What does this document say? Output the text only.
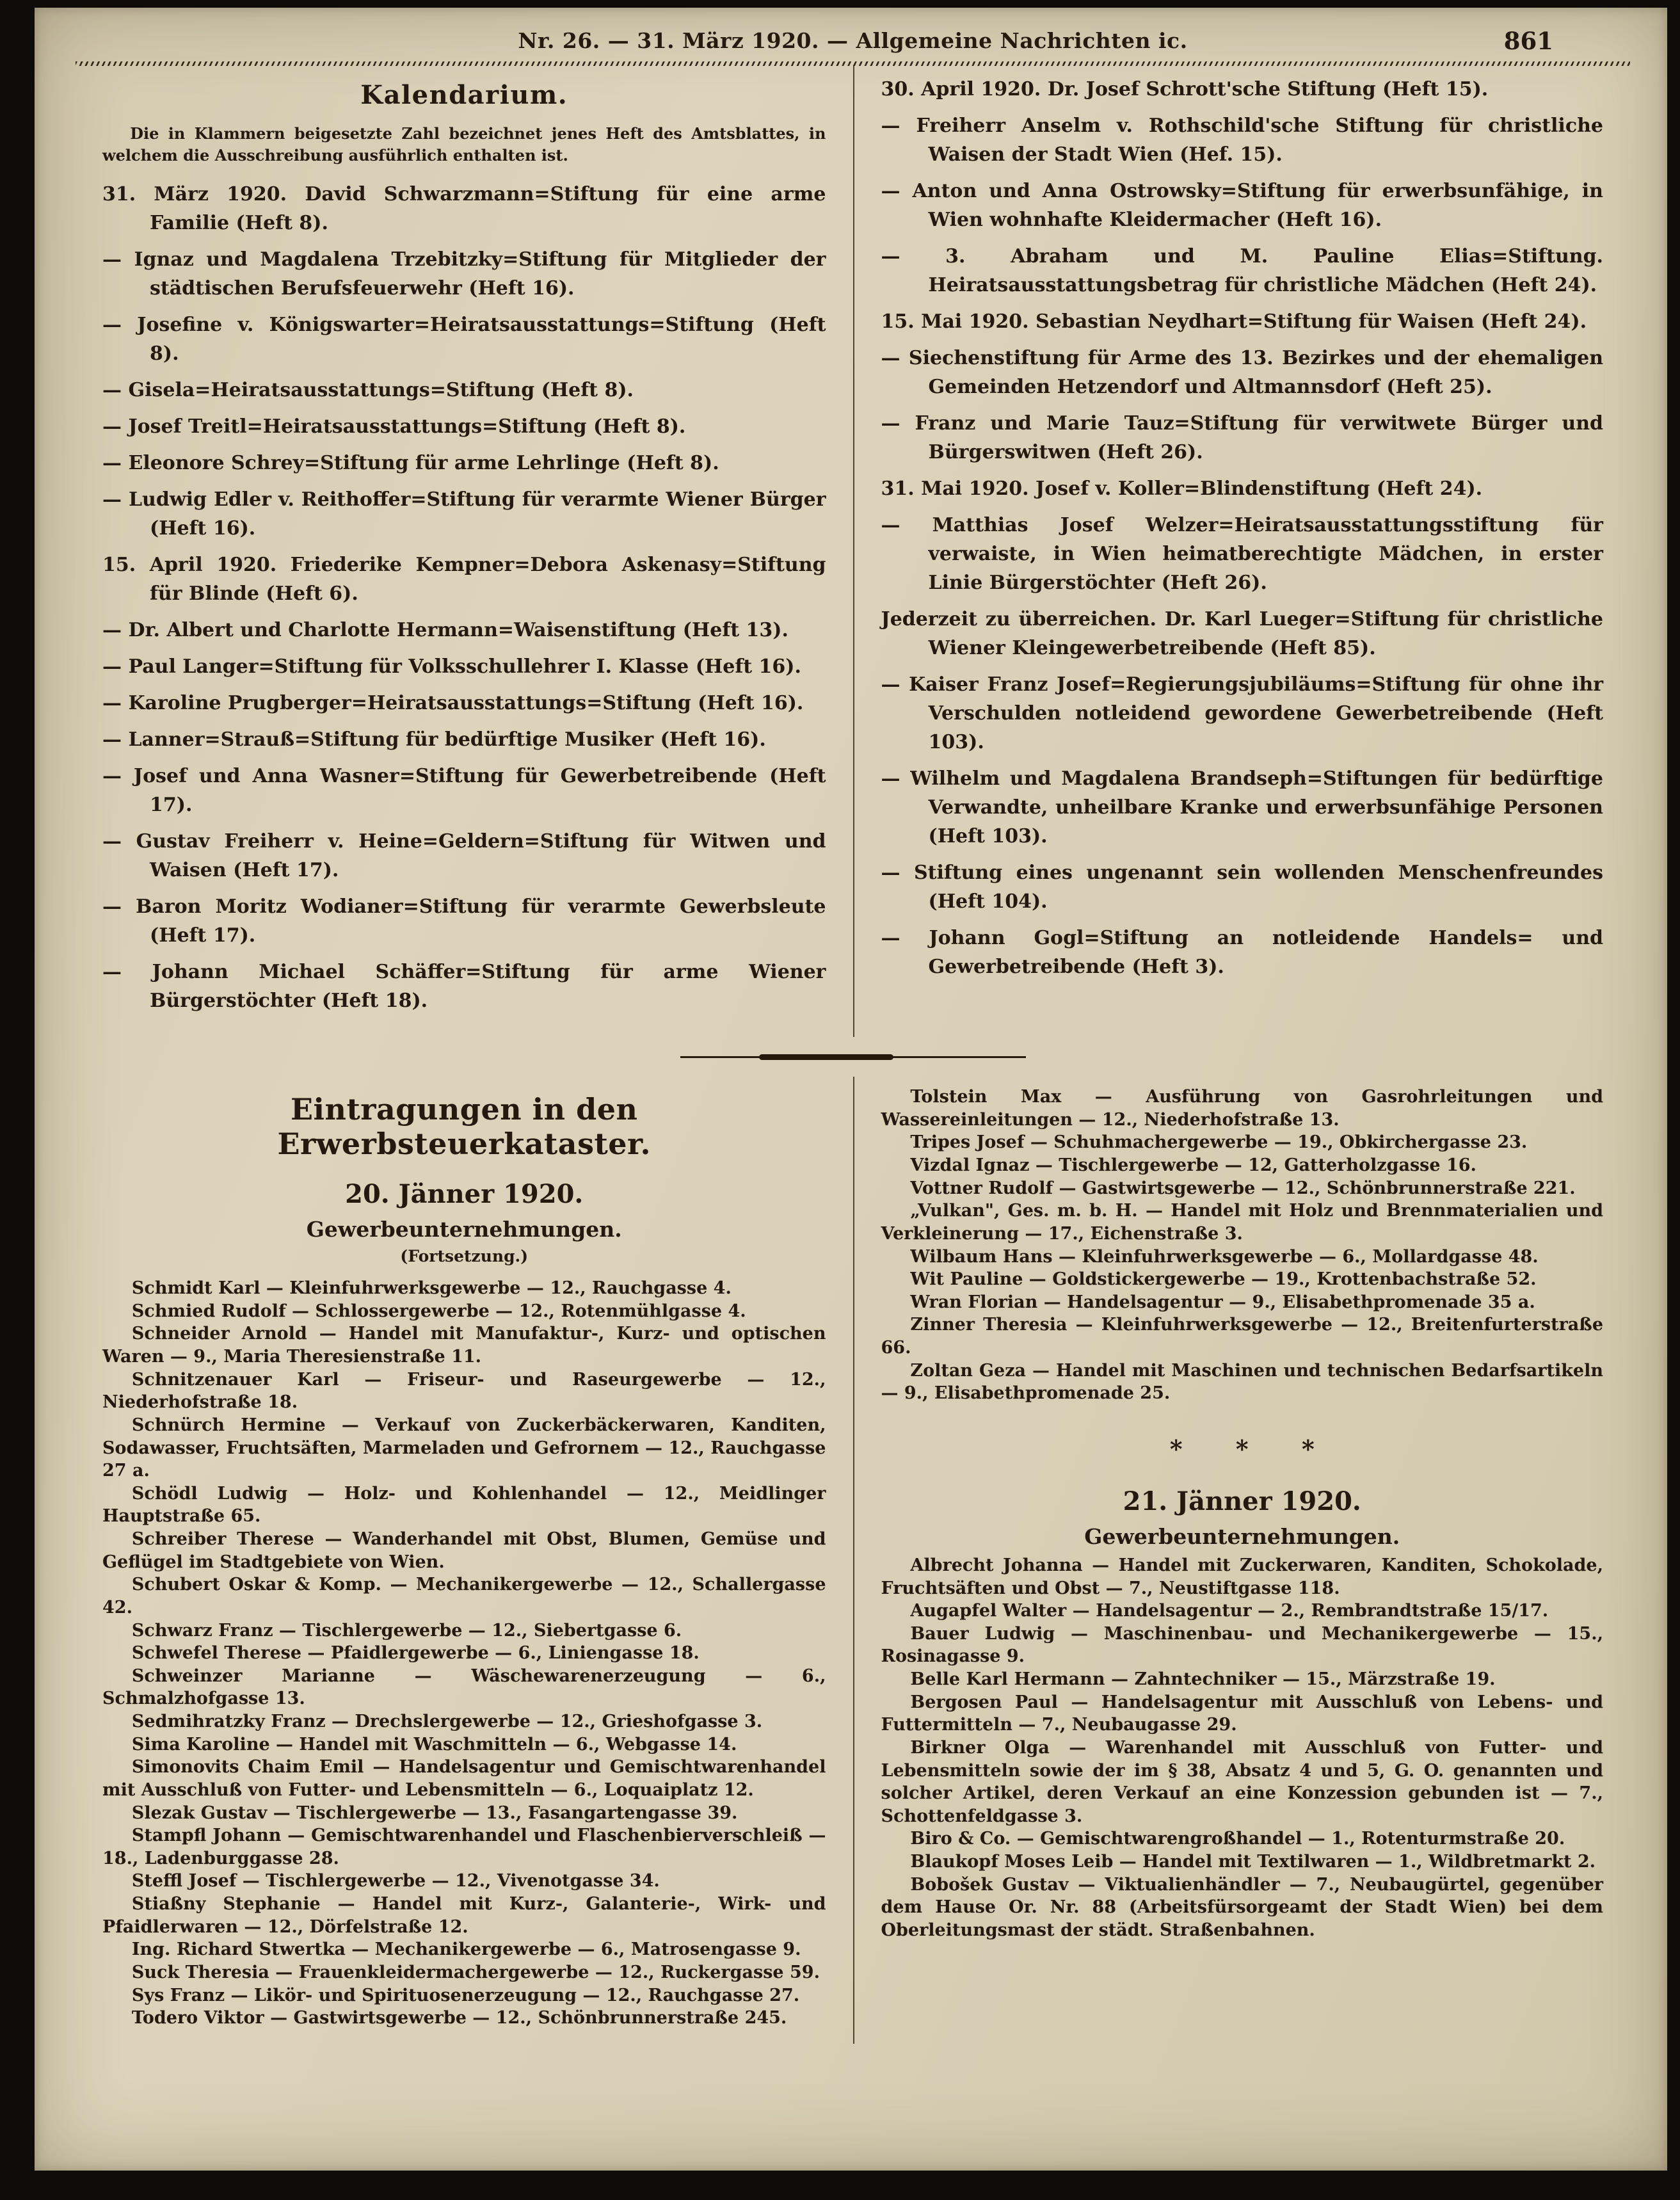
Nr. 26. — 31. März 1920. — Allgemeine Nachrichten ic.	861
Kalendarium.

Die in Klammern beigesetzte Zahl bezeichnet jenes Heft des Amtsblattes, in welchem die Ausschreibung ausführlich enthalten ist.

31. März 1920. David Schwarzmann=Stiftung für eine arme Familie (Heft 8).

— Ignaz und Magdalena Trzebitzky=Stiftung für Mitglieder der städtischen Berufsfeuerwehr (Heft 16).

— Josefine v. Königswarter=Heiratsausstattungs=Stiftung (Heft 8).

— Gisela=Heiratsausstattungs=Stiftung (Heft 8).

— Josef Treitl=Heiratsausstattungs=Stiftung (Heft 8).

— Eleonore Schrey=Stiftung für arme Lehrlinge (Heft 8).

— Ludwig Edler v. Reithoffer=Stiftung für verarmte Wiener Bürger (Heft 16).

15. April 1920. Friederike Kempner=Debora Askenasy=Stiftung für Blinde (Heft 6).

— Dr. Albert und Charlotte Hermann=Waisenstiftung (Heft 13).

— Paul Langer=Stiftung für Volksschullehrer I. Klasse (Heft 16).

— Karoline Prugberger=Heiratsausstattungs=Stiftung (Heft 16).

— Lanner=Strauß=Stiftung für bedürftige Musiker (Heft 16).

— Josef und Anna Wasner=Stiftung für Gewerbetreibende (Heft 17).

— Gustav Freiherr v. Heine=Geldern=Stiftung für Witwen und Waisen (Heft 17).

— Baron Moritz Wodianer=Stiftung für verarmte Gewerbsleute (Heft 17).

— Johann Michael Schäffer=Stiftung für arme Wiener Bürgerstöchter (Heft 18).

30. April 1920. Dr. Josef Schrott'sche Stiftung (Heft 15).

— Freiherr Anselm v. Rothschild'sche Stiftung für christliche Waisen der Stadt Wien (Hef. 15).

— Anton und Anna Ostrowsky=Stiftung für erwerbsunfähige, in Wien wohnhafte Kleidermacher (Heft 16).

— 3. Abraham und M. Pauline Elias=Stiftung. Heiratsausstattungsbetrag für christliche Mädchen (Heft 24).

15. Mai 1920. Sebastian Neydhart=Stiftung für Waisen (Heft 24).

— Siechenstiftung für Arme des 13. Bezirkes und der ehemaligen Gemeinden Hetzendorf und Altmannsdorf (Heft 25).

— Franz und Marie Tauz=Stiftung für verwitwete Bürger und Bürgerswitwen (Heft 26).

31. Mai 1920. Josef v. Koller=Blindenstiftung (Heft 24).

— Matthias Josef Welzer=Heiratsausstattungsstiftung für verwaiste, in Wien heimatberechtigte Mädchen, in erster Linie Bürgerstöchter (Heft 26).

Jederzeit zu überreichen. Dr. Karl Lueger=Stiftung für christliche Wiener Kleingewerbetreibende (Heft 85).

— Kaiser Franz Josef=Regierungsjubiläums=Stiftung für ohne ihr Verschulden notleidend gewordene Gewerbetreibende (Heft 103).

— Wilhelm und Magdalena Brandseph=Stiftungen für bedürftige Verwandte, unheilbare Kranke und erwerbsunfähige Personen (Heft 103).

— Stiftung eines ungenannt sein wollenden Menschenfreundes (Heft 104).

— Johann Gogl=Stiftung an notleidende Handels= und Gewerbetreibende (Heft 3).

Eintragungen in den Erwerbsteuerkataster.
20. Jänner 1920.
Gewerbeunternehmungen.
(Fortsetzung.)

Schmidt Karl — Kleinfuhrwerksgewerbe — 12., Rauchgasse 4.

Schmied Rudolf — Schlossergewerbe — 12., Rotenmühlgasse 4.

Schneider Arnold — Handel mit Manufaktur-, Kurz- und optischen Waren — 9., Maria Theresienstraße 11.

Schnitzenauer Karl — Friseur- und Raseurgewerbe — 12., Niederhofstraße 18.

Schnürch Hermine — Verkauf von Zuckerbäckerwaren, Kanditen, Sodawasser, Fruchtsäften, Marmeladen und Gefrornem — 12., Rauchgasse 27 a.

Schödl Ludwig — Holz- und Kohlenhandel — 12., Meidlinger Hauptstraße 65.

Schreiber Therese — Wanderhandel mit Obst, Blumen, Gemüse und Geflügel im Stadtgebiete von Wien.

Schubert Oskar & Komp. — Mechanikergewerbe — 12., Schallergasse 42.

Schwarz Franz — Tischlergewerbe — 12., Siebertgasse 6.

Schwefel Therese — Pfaidlergewerbe — 6., Liniengasse 18.

Schweinzer Marianne — Wäschewarenerzeugung — 6., Schmalzhofgasse 13.

Sedmihratzky Franz — Drechslergewerbe — 12., Grieshofgasse 3.

Sima Karoline — Handel mit Waschmitteln — 6., Webgasse 14.

Simonovits Chaim Emil — Handelsagentur und Gemischtwarenhandel mit Ausschluß von Futter- und Lebensmitteln — 6., Loquaiplatz 12.

Slezak Gustav — Tischlergewerbe — 13., Fasangartengasse 39.

Stampfl Johann — Gemischtwarenhandel und Flaschenbierverschleiß — 18., Ladenburggasse 28.

Steffl Josef — Tischlergewerbe — 12., Vivenotgasse 34.

Stiaßny Stephanie — Handel mit Kurz-, Galanterie-, Wirk- und Pfaidlerwaren — 12., Dörfelstraße 12.

Ing. Richard Stwertka — Mechanikergewerbe — 6., Matrosengasse 9.

Suck Theresia — Frauenkleidermachergewerbe — 12., Ruckergasse 59.

Sys Franz — Likör- und Spirituosenerzeugung — 12., Rauchgasse 27.

Todero Viktor — Gastwirtsgewerbe — 12., Schönbrunnerstraße 245.

Tolstein Max — Ausführung von Gasrohrleitungen und Wassereinleitungen — 12., Niederhofstraße 13.

Tripes Josef — Schuhmachergewerbe — 19., Obkirchergasse 23.

Vizdal Ignaz — Tischlergewerbe — 12, Gatterholzgasse 16.

Vottner Rudolf — Gastwirtsgewerbe — 12., Schönbrunnerstraße 221.

„Vulkan", Ges. m. b. H. — Handel mit Holz und Brennmaterialien und Verkleinerung — 17., Eichenstraße 3.

Wilbaum Hans — Kleinfuhrwerksgewerbe — 6., Mollardgasse 48.

Wit Pauline — Goldstickergewerbe — 19., Krottenbachstraße 52.

Wran Florian — Handelsagentur — 9., Elisabethpromenade 35 a.

Zinner Theresia — Kleinfuhrwerksgewerbe — 12., Breitenfurterstraße 66.

Zoltan Geza — Handel mit Maschinen und technischen Bedarfsartikeln — 9., Elisabethpromenade 25.

* * *
21. Jänner 1920.
Gewerbeunternehmungen.

Albrecht Johanna — Handel mit Zuckerwaren, Kanditen, Schokolade, Fruchtsäften und Obst — 7., Neustiftgasse 118.

Augapfel Walter — Handelsagentur — 2., Rembrandtstraße 15/17.

Bauer Ludwig — Maschinenbau- und Mechanikergewerbe — 15., Rosinagasse 9.

Belle Karl Hermann — Zahntechniker — 15., Märzstraße 19.

Bergosen Paul — Handelsagentur mit Ausschluß von Lebens- und Futtermitteln — 7., Neubaugasse 29.

Birkner Olga — Warenhandel mit Ausschluß von Futter- und Lebensmitteln sowie der im § 38, Absatz 4 und 5, G. O. genannten und solcher Artikel, deren Verkauf an eine Konzession gebunden ist — 7., Schottenfeldgasse 3.

Biro & Co. — Gemischtwarengroßhandel — 1., Rotenturmstraße 20.

Blaukopf Moses Leib — Handel mit Textilwaren — 1., Wildbretmarkt 2.

Bobošek Gustav — Viktualienhändler — 7., Neubaugürtel, gegenüber dem Hause Or. Nr. 88 (Arbeitsfürsorgeamt der Stadt Wien) bei dem Oberleitungsmast der städt. Straßenbahnen.
